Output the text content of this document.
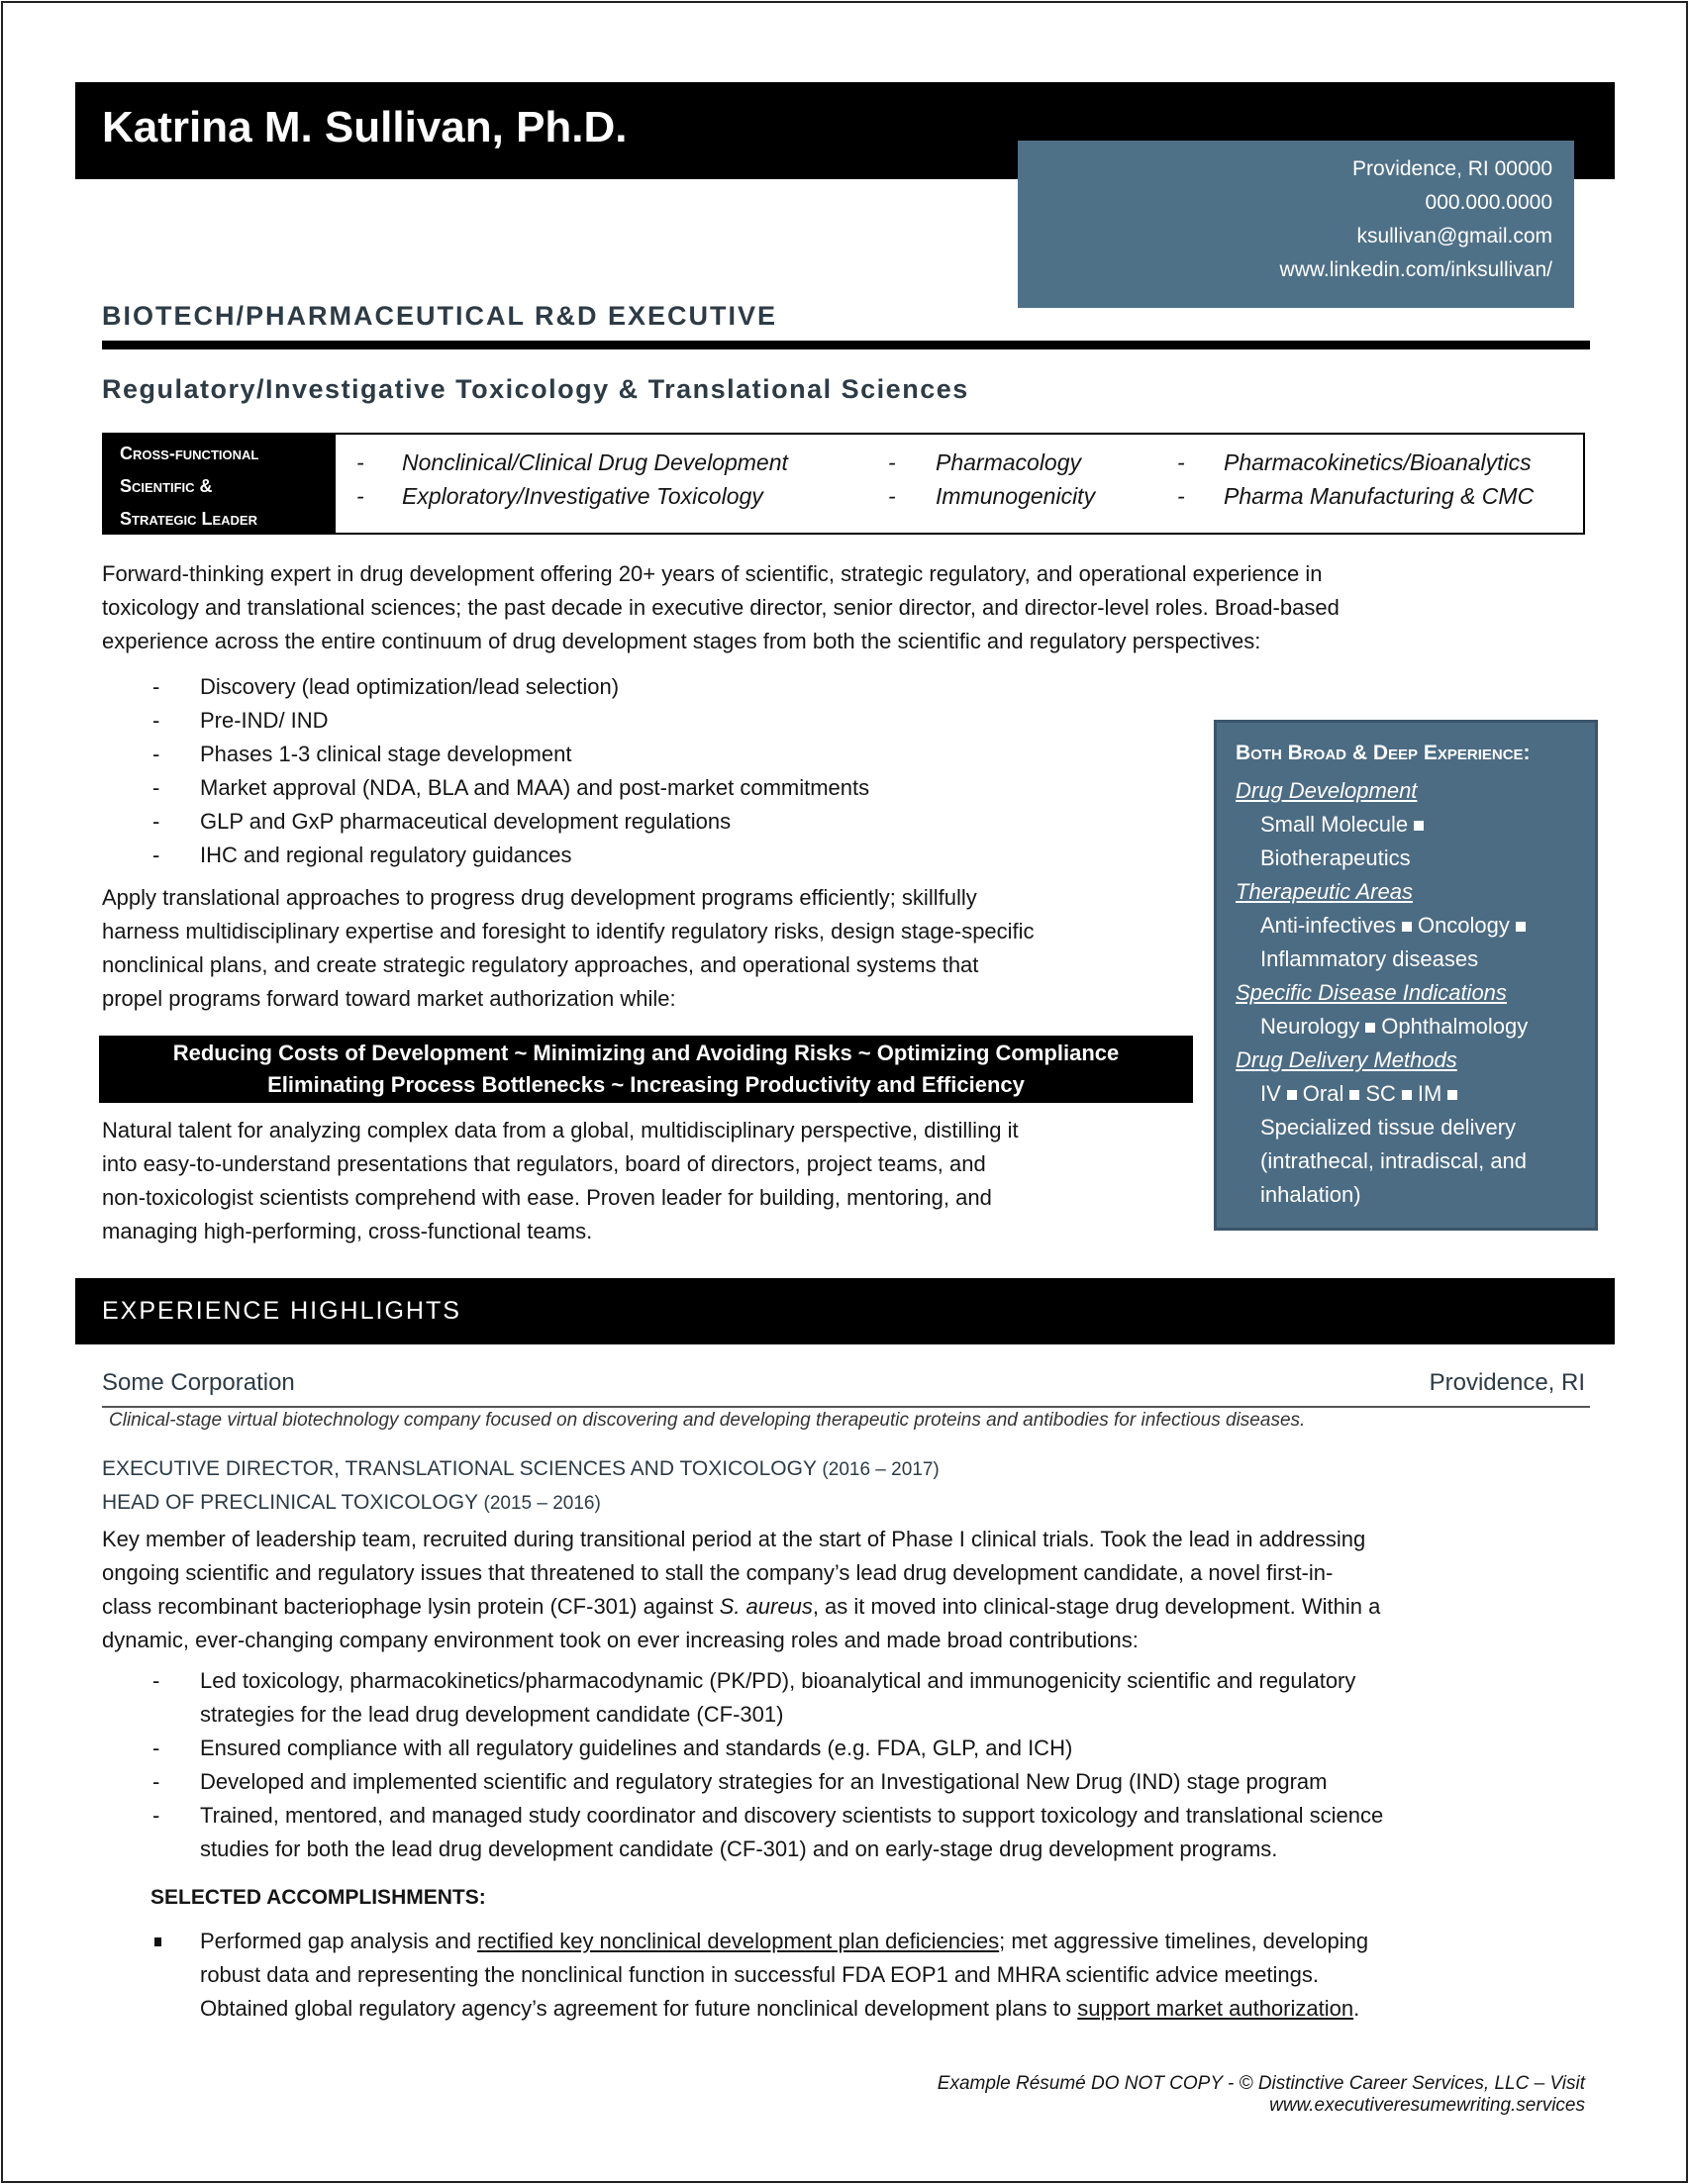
Katrina M. Sullivan, Ph.D.
Providence, RI 00000
000.000.0000
ksullivan@gmail.com
www.linkedin.com/inksullivan/
BIOTECH/PHARMACEUTICAL R&D EXECUTIVE
Regulatory/Investigative Toxicology & Translational Sciences
Cross-functional
Scientific &
Strategic Leader
- Nonclinical/Clinical Drug Development	- Pharmacology	- Pharmacokinetics/Bioanalytics
- Exploratory/Investigative Toxicology	- Immunogenicity	- Pharma Manufacturing & CMC
Forward-thinking expert in drug development offering 20+ years of scientific, strategic regulatory, and operational experience in
toxicology and translational sciences; the past decade in executive director, senior director, and director-level roles. Broad-based
experience across the entire continuum of drug development stages from both the scientific and regulatory perspectives:
- Discovery (lead optimization/lead selection)
- Pre-IND/ IND
- Phases 1-3 clinical stage development
- Market approval (NDA, BLA and MAA) and post-market commitments
- GLP and GxP pharmaceutical development regulations
- IHC and regional regulatory guidances
Apply translational approaches to progress drug development programs efficiently; skillfully
harness multidisciplinary expertise and foresight to identify regulatory risks, design stage-specific
nonclinical plans, and create strategic regulatory approaches, and operational systems that
propel programs forward toward market authorization while:
Reducing Costs of Development ~ Minimizing and Avoiding Risks ~ Optimizing Compliance
Eliminating Process Bottlenecks ~ Increasing Productivity and Efficiency
Natural talent for analyzing complex data from a global, multidisciplinary perspective, distilling it
into easy-to-understand presentations that regulators, board of directors, project teams, and
non-toxicologist scientists comprehend with ease. Proven leader for building, mentoring, and
managing high-performing, cross-functional teams.
Both Broad & Deep Experience:
Drug Development
Small Molecule
Biotherapeutics
Therapeutic Areas
Anti-infectives Oncology
Inflammatory diseases
Specific Disease Indications
Neurology Ophthalmology
Drug Delivery Methods
IV Oral SC IM
Specialized tissue delivery
(intrathecal, intradiscal, and
inhalation)
EXPERIENCE HIGHLIGHTS
Some Corporation	Providence, RI
Clinical-stage virtual biotechnology company focused on discovering and developing therapeutic proteins and antibodies for infectious diseases.
EXECUTIVE DIRECTOR, TRANSLATIONAL SCIENCES AND TOXICOLOGY (2016 – 2017)
HEAD OF PRECLINICAL TOXICOLOGY (2015 – 2016)
Key member of leadership team, recruited during transitional period at the start of Phase I clinical trials. Took the lead in addressing
ongoing scientific and regulatory issues that threatened to stall the company’s lead drug development candidate, a novel first-in-
class recombinant bacteriophage lysin protein (CF-301) against S. aureus, as it moved into clinical-stage drug development. Within a
dynamic, ever-changing company environment took on ever increasing roles and made broad contributions:
- Led toxicology, pharmacokinetics/pharmacodynamic (PK/PD), bioanalytical and immunogenicity scientific and regulatory
strategies for the lead drug development candidate (CF-301)
- Ensured compliance with all regulatory guidelines and standards (e.g. FDA, GLP, and ICH)
- Developed and implemented scientific and regulatory strategies for an Investigational New Drug (IND) stage program
- Trained, mentored, and managed study coordinator and discovery scientists to support toxicology and translational science
studies for both the lead drug development candidate (CF-301) and on early-stage drug development programs.
SELECTED ACCOMPLISHMENTS:
Performed gap analysis and rectified key nonclinical development plan deficiencies; met aggressive timelines, developing
robust data and representing the nonclinical function in successful FDA EOP1 and MHRA scientific advice meetings.
Obtained global regulatory agency’s agreement for future nonclinical development plans to support market authorization.
Example Résumé DO NOT COPY - © Distinctive Career Services, LLC – Visit www.executiveresumewriting.services
